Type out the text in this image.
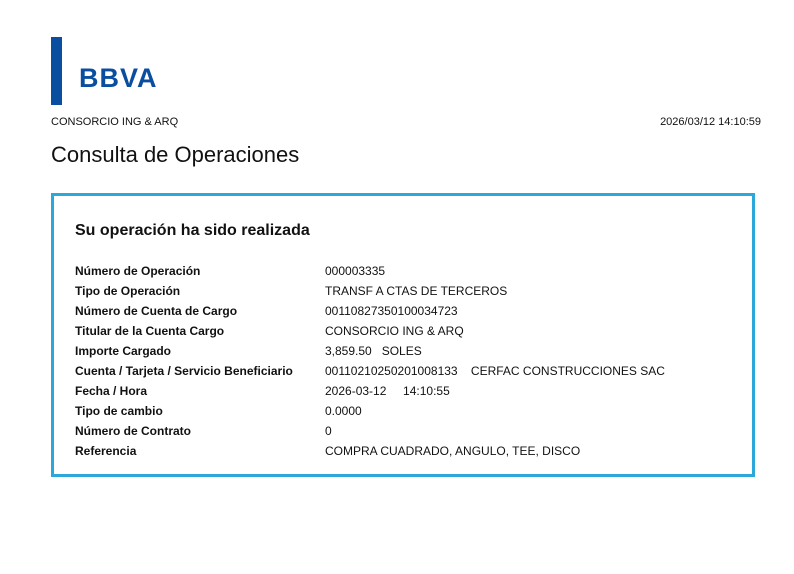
BBVA
CONSORCIO ING & ARQ	2026/03/12 14:10:59
Consulta de Operaciones
Su operación ha sido realizada
Número de Operación	000003335
Tipo de Operación	TRANSF A CTAS DE TERCEROS
Número de Cuenta de Cargo	00110827350100034723
Titular de la Cuenta Cargo	CONSORCIO ING & ARQ
Importe Cargado	3,859.50   SOLES
Cuenta / Tarjeta / Servicio Beneficiario	00110210250201008133    CERFAC CONSTRUCCIONES SAC
Fecha / Hora	2026-03-12     14:10:55
Tipo de cambio	0.0000
Número de Contrato	0
Referencia	COMPRA CUADRADO, ANGULO, TEE, DISCO
